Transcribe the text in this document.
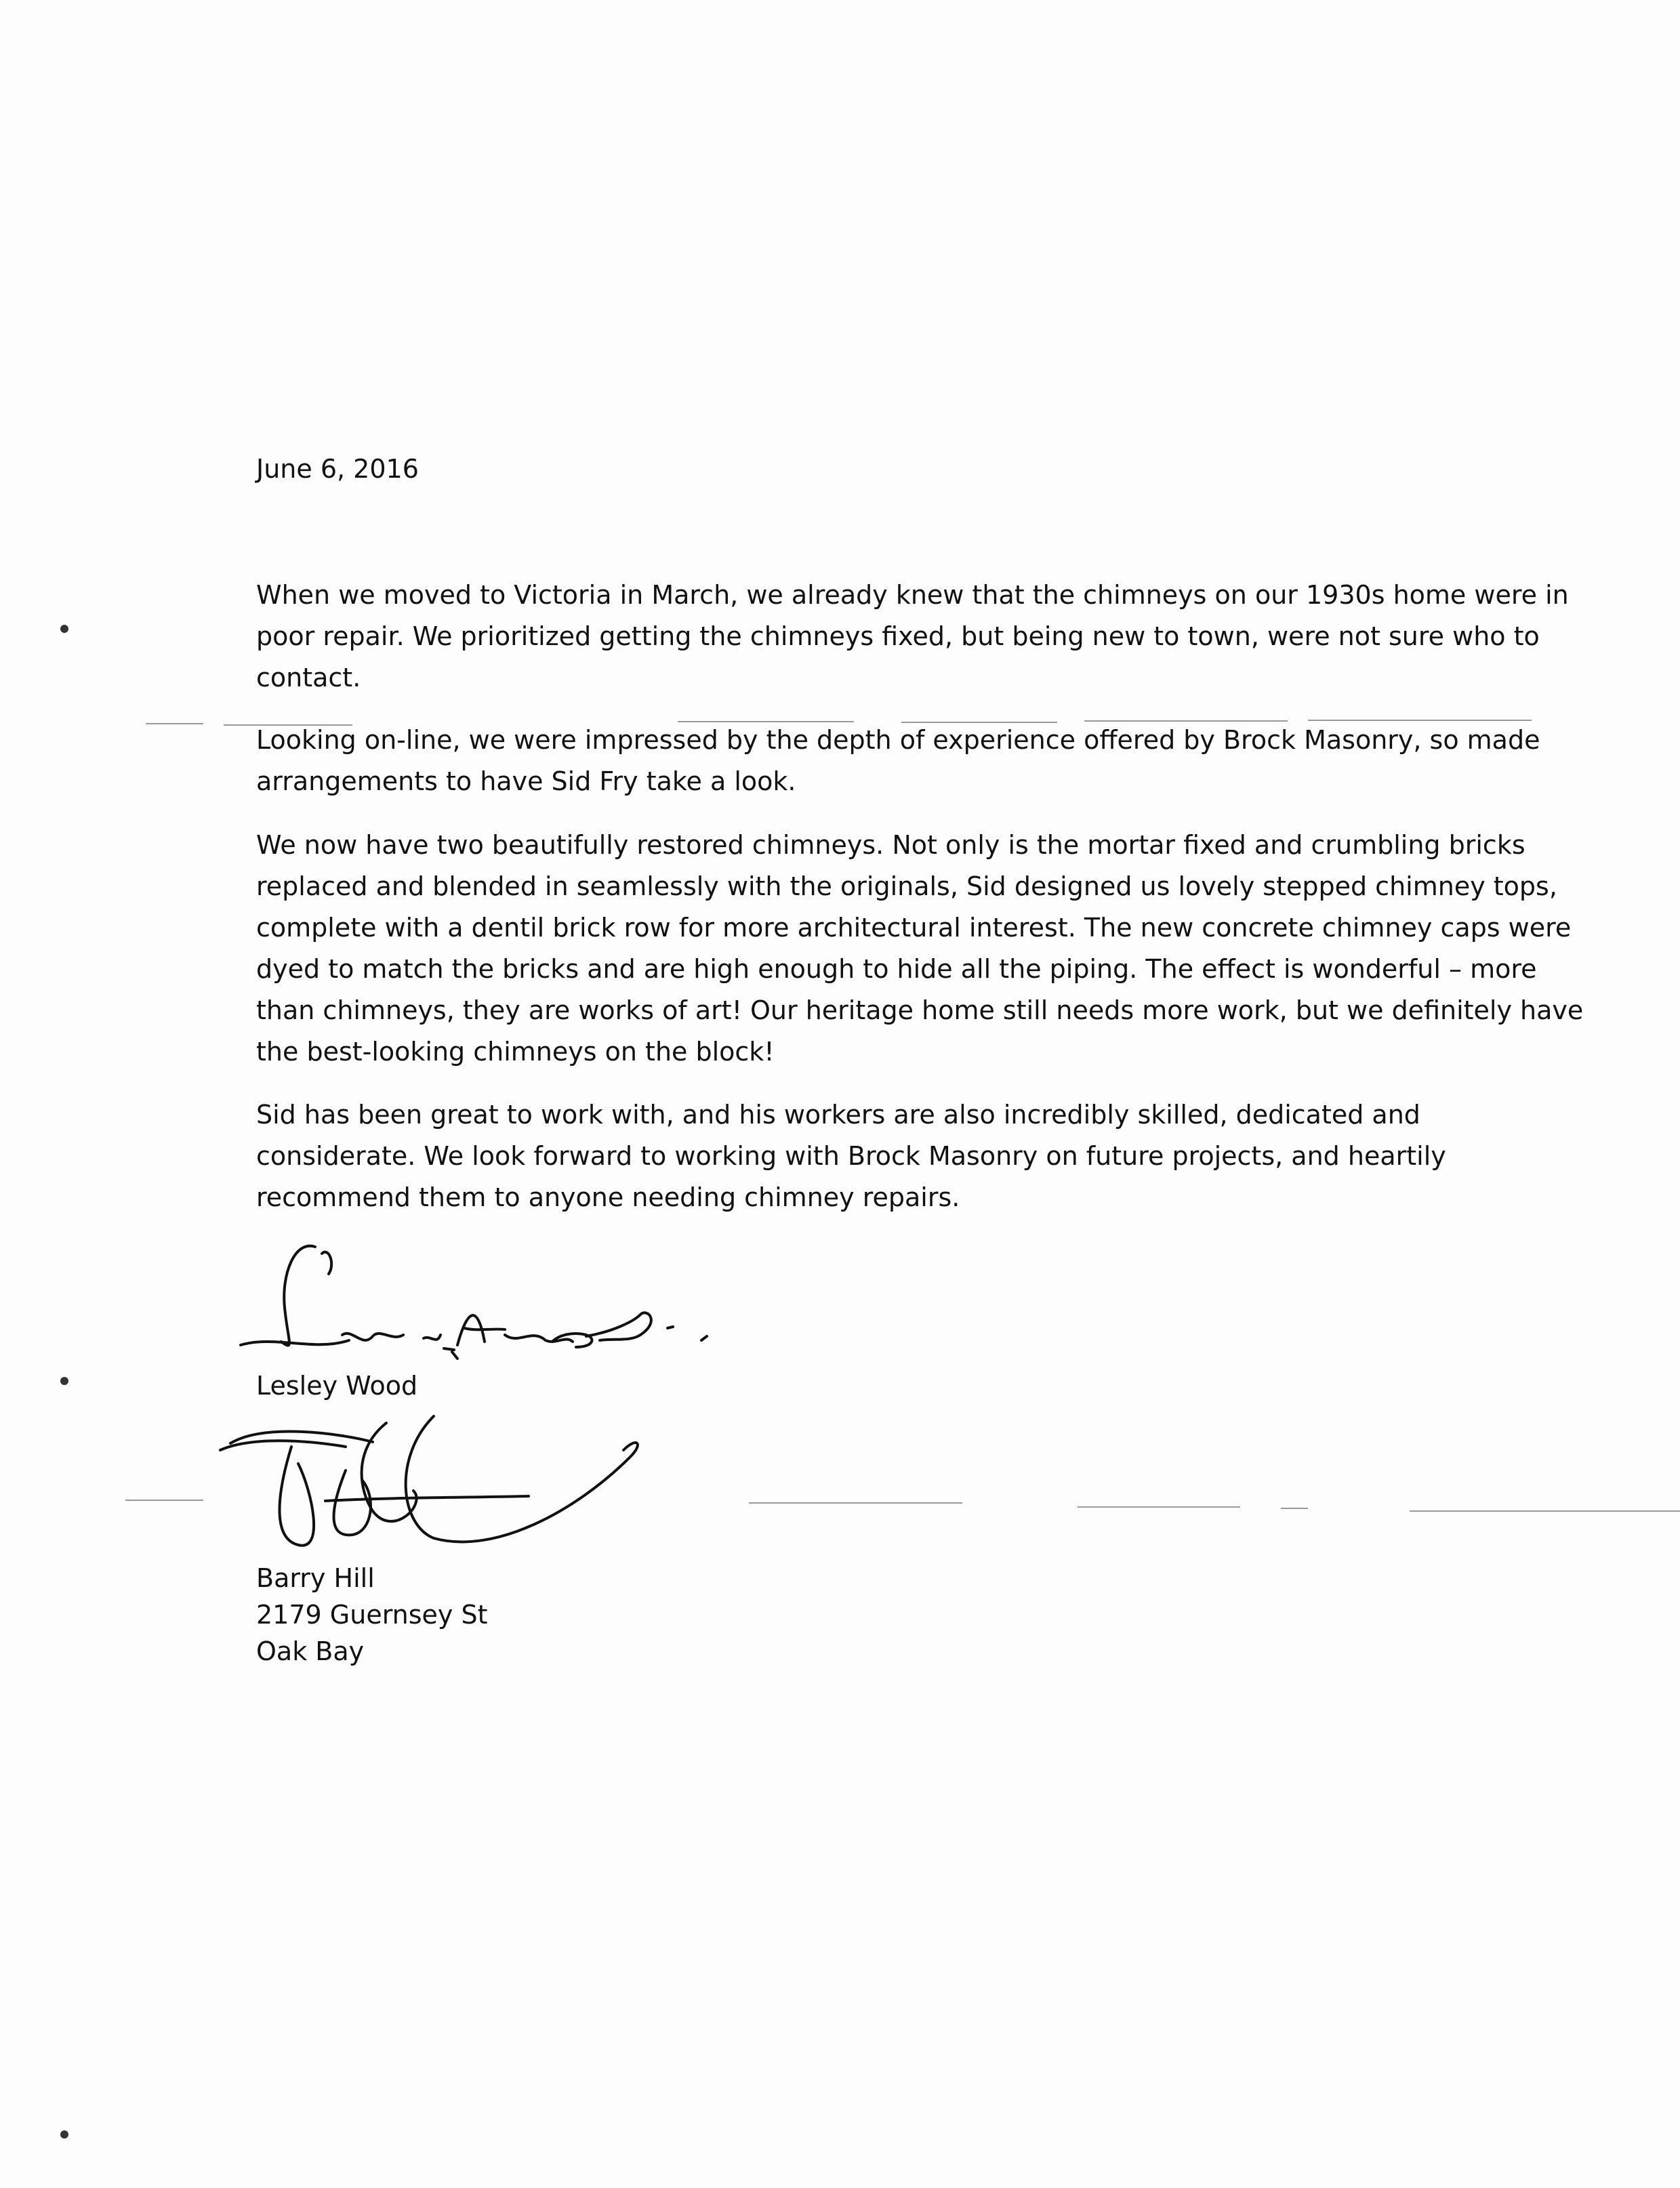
June 6, 2016

When we moved to Victoria in March, we already knew that the chimneys on our 1930s home were in poor repair. We prioritized getting the chimneys fixed, but being new to town, were not sure who to contact.

Looking on-line, we were impressed by the depth of experience offered by Brock Masonry, so made arrangements to have Sid Fry take a look.

We now have two beautifully restored chimneys. Not only is the mortar fixed and crumbling bricks replaced and blended in seamlessly with the originals, Sid designed us lovely stepped chimney tops, complete with a dentil brick row for more architectural interest. The new concrete chimney caps were dyed to match the bricks and are high enough to hide all the piping. The effect is wonderful – more than chimneys, they are works of art! Our heritage home still needs more work, but we definitely have the best-looking chimneys on the block!

Sid has been great to work with, and his workers are also incredibly skilled, dedicated and considerate. We look forward to working with Brock Masonry on future projects, and heartily recommend them to anyone needing chimney repairs.

Lesley Wood
Barry Hill
2179 Guernsey St
Oak Bay
